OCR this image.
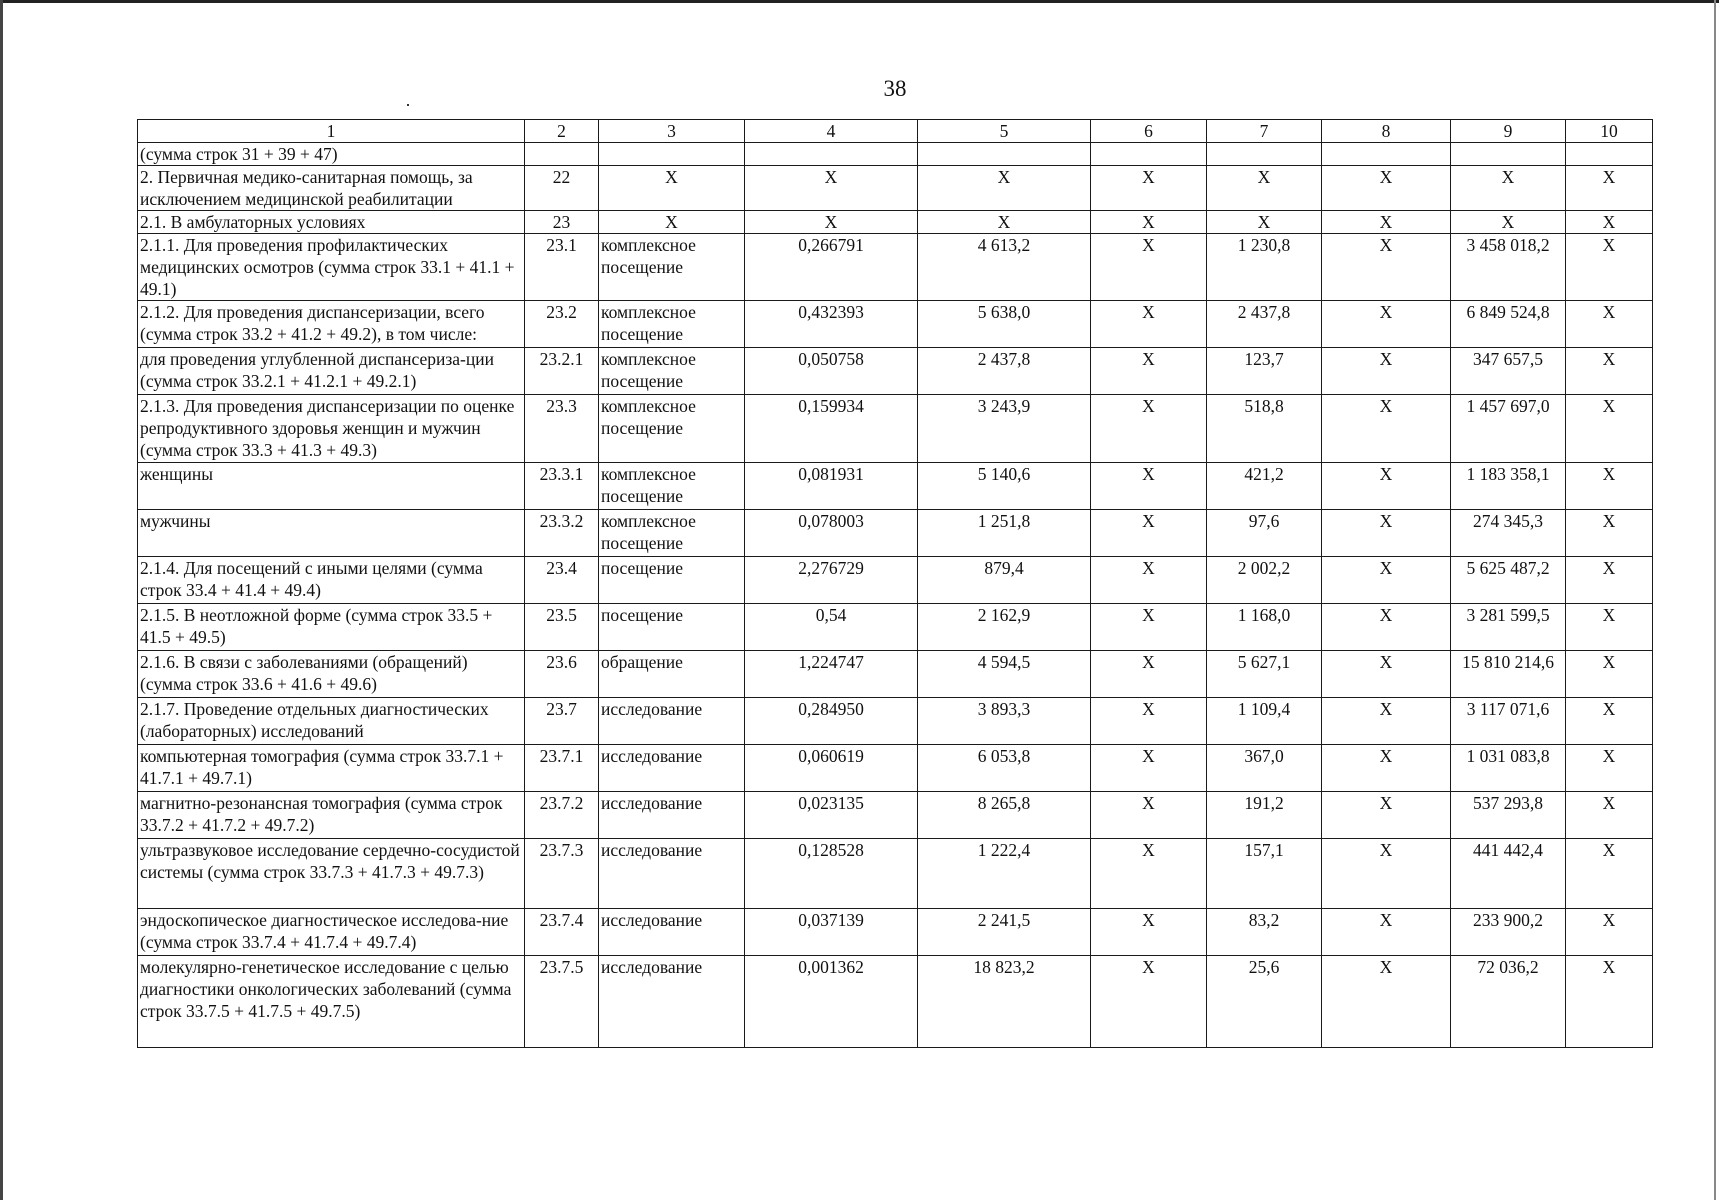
38
1	2	3	4	5	6	7	8	9	10
(сумма строк 31 + 39 + 47)									
2. Первичная медико-санитарная помощь, за исключением медицинской реабилитации	22	Х	Х	Х	Х	Х	Х	Х	Х
2.1. В амбулаторных условиях	23	Х	Х	Х	Х	Х	Х	Х	Х
2.1.1. Для проведения профилактических медицинских осмотров (сумма строк 33.1 + 41.1 + 49.1)	23.1	комплексное посещение	0,266791	4 613,2	Х	1 230,8	Х	3 458 018,2	Х
2.1.2. Для проведения диспансеризации, всего (сумма строк 33.2 + 41.2 + 49.2), в том числе:	23.2	комплексное посещение	0,432393	5 638,0	Х	2 437,8	Х	6 849 524,8	Х
для проведения углубленной диспансериза-ции (сумма строк 33.2.1 + 41.2.1 + 49.2.1)	23.2.1	комплексное посещение	0,050758	2 437,8	Х	123,7	Х	347 657,5	Х
2.1.3. Для проведения диспансеризации по оценке репродуктивного здоровья женщин и мужчин (сумма строк 33.3 + 41.3 + 49.3)	23.3	комплексное посещение	0,159934	3 243,9	Х	518,8	Х	1 457 697,0	Х
женщины	23.3.1	комплексное посещение	0,081931	5 140,6	Х	421,2	Х	1 183 358,1	Х
мужчины	23.3.2	комплексное посещение	0,078003	1 251,8	Х	97,6	Х	274 345,3	Х
2.1.4. Для посещений с иными целями (сумма строк 33.4 + 41.4 + 49.4)	23.4	посещение	2,276729	879,4	Х	2 002,2	Х	5 625 487,2	Х
2.1.5. В неотложной форме (сумма строк 33.5 + 41.5 + 49.5)	23.5	посещение	0,54	2 162,9	Х	1 168,0	Х	3 281 599,5	Х
2.1.6. В связи с заболеваниями (обращений) (сумма строк 33.6 + 41.6 + 49.6)	23.6	обращение	1,224747	4 594,5	Х	5 627,1	Х	15 810 214,6	Х
2.1.7. Проведение отдельных диагностических (лабораторных) исследований	23.7	исследование	0,284950	3 893,3	Х	1 109,4	Х	3 117 071,6	Х
компьютерная томография (сумма строк 33.7.1 + 41.7.1 + 49.7.1)	23.7.1	исследование	0,060619	6 053,8	Х	367,0	Х	1 031 083,8	Х
магнитно-резонансная томография (сумма строк 33.7.2 + 41.7.2 + 49.7.2)	23.7.2	исследование	0,023135	8 265,8	Х	191,2	Х	537 293,8	Х
ультразвуковое исследование сердечно-сосудистой системы (сумма строк 33.7.3 + 41.7.3 + 49.7.3)	23.7.3	исследование	0,128528	1 222,4	Х	157,1	Х	441 442,4	Х
эндоскопическое диагностическое исследова-ние (сумма строк 33.7.4 + 41.7.4 + 49.7.4)	23.7.4	исследование	0,037139	2 241,5	Х	83,2	Х	233 900,2	Х
молекулярно-генетическое исследование с целью диагностики онкологических заболеваний (сумма строк 33.7.5 + 41.7.5 + 49.7.5)	23.7.5	исследование	0,001362	18 823,2	Х	25,6	Х	72 036,2	Х
